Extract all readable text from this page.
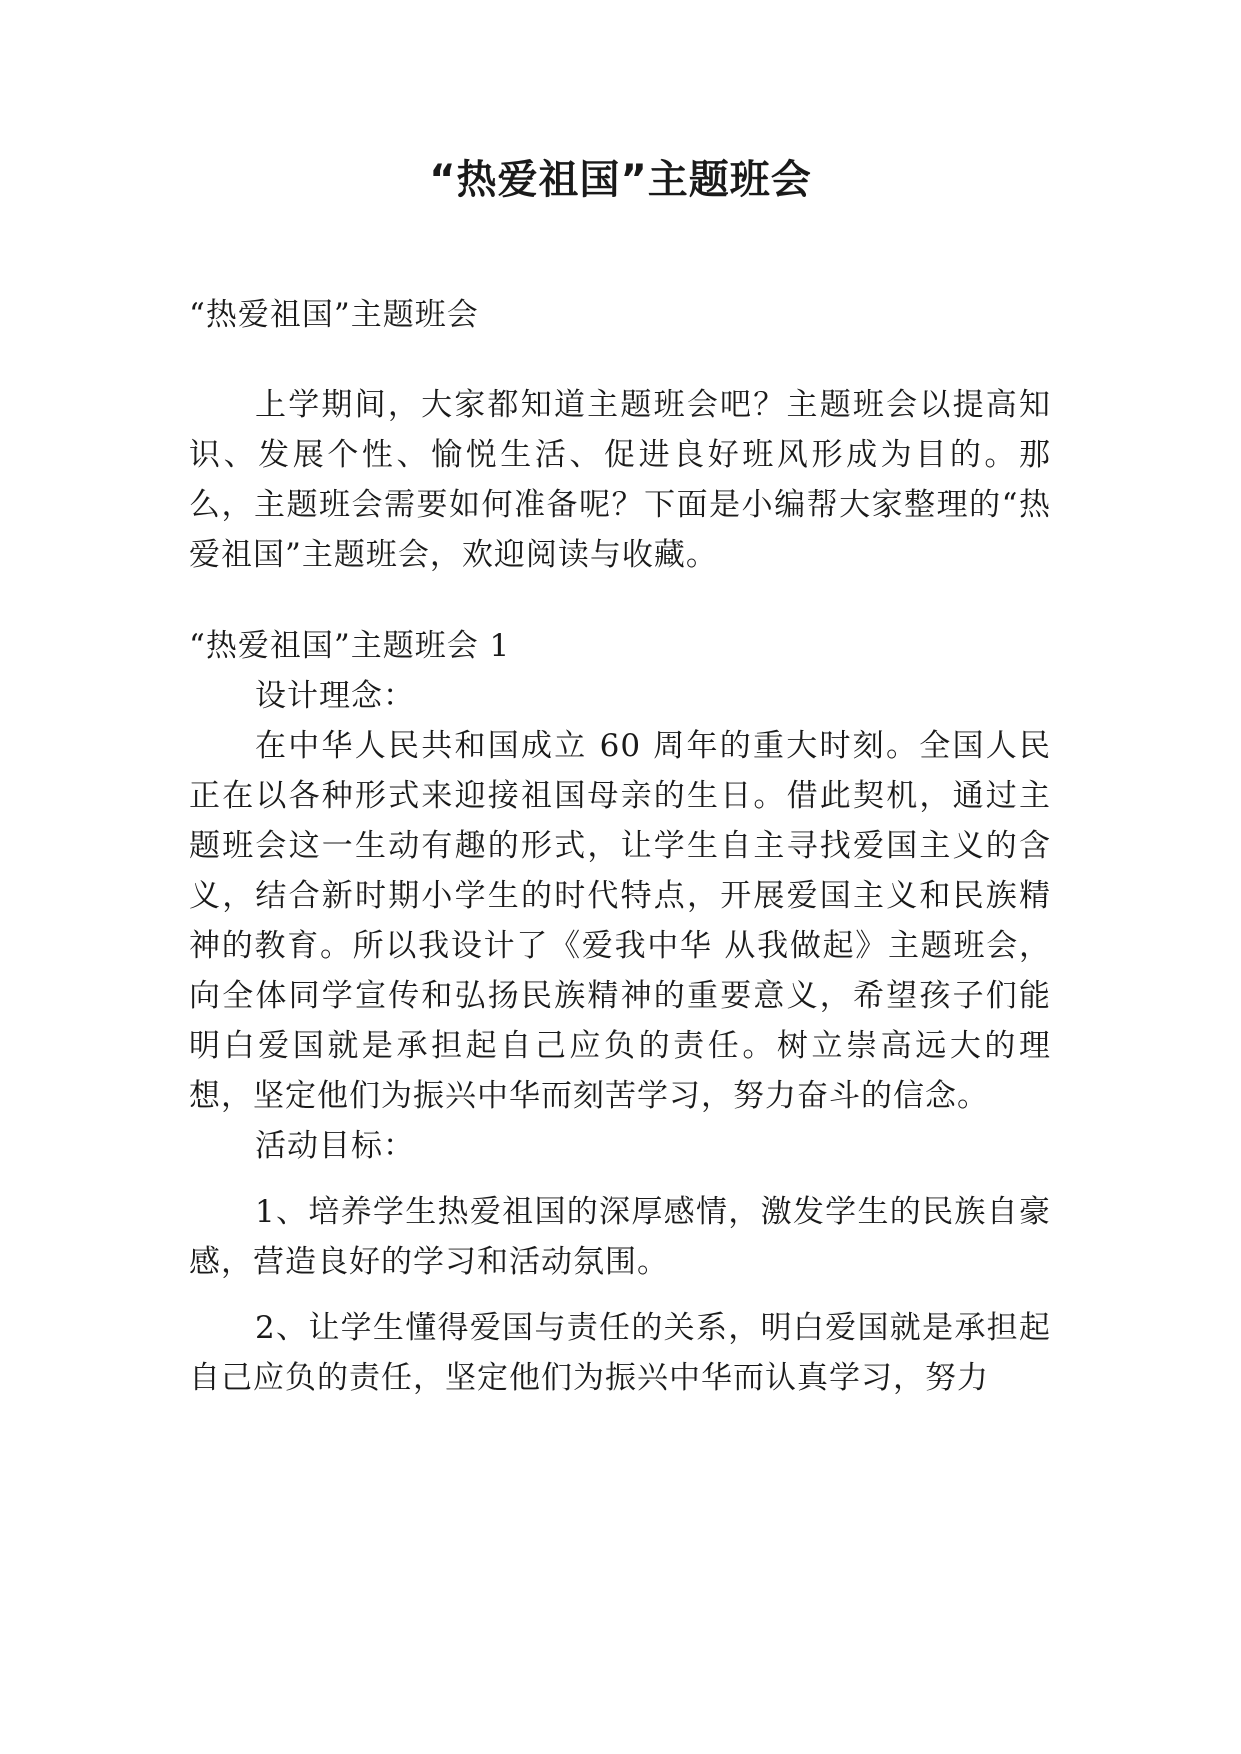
“热爱祖国”主题班会

“热爱祖国”主题班会

上学期间，大家都知道主题班会吧？主题班会以提高知识、发展个性、愉悦生活、促进良好班风形成为目的。那么，主题班会需要如何准备呢？下面是小编帮大家整理的“热爱祖国”主题班会，欢迎阅读与收藏。

“热爱祖国”主题班会 1

设计理念：

在中华人民共和国成立 60 周年的重大时刻。全国人民正在以各种形式来迎接祖国母亲的生日。借此契机，通过主题班会这一生动有趣的形式，让学生自主寻找爱国主义的含义，结合新时期小学生的时代特点，开展爱国主义和民族精神的教育。所以我设计了《爱我中华 从我做起》主题班会，向全体同学宣传和弘扬民族精神的重要意义，希望孩子们能明白爱国就是承担起自己应负的责任。树立崇高远大的理想，坚定他们为振兴中华而刻苦学习，努力奋斗的信念。

活动目标：

1、培养学生热爱祖国的深厚感情，激发学生的民族自豪感，营造良好的学习和活动氛围。

2、让学生懂得爱国与责任的关系，明白爱国就是承担起自己应负的责任，坚定他们为振兴中华而认真学习，努力
